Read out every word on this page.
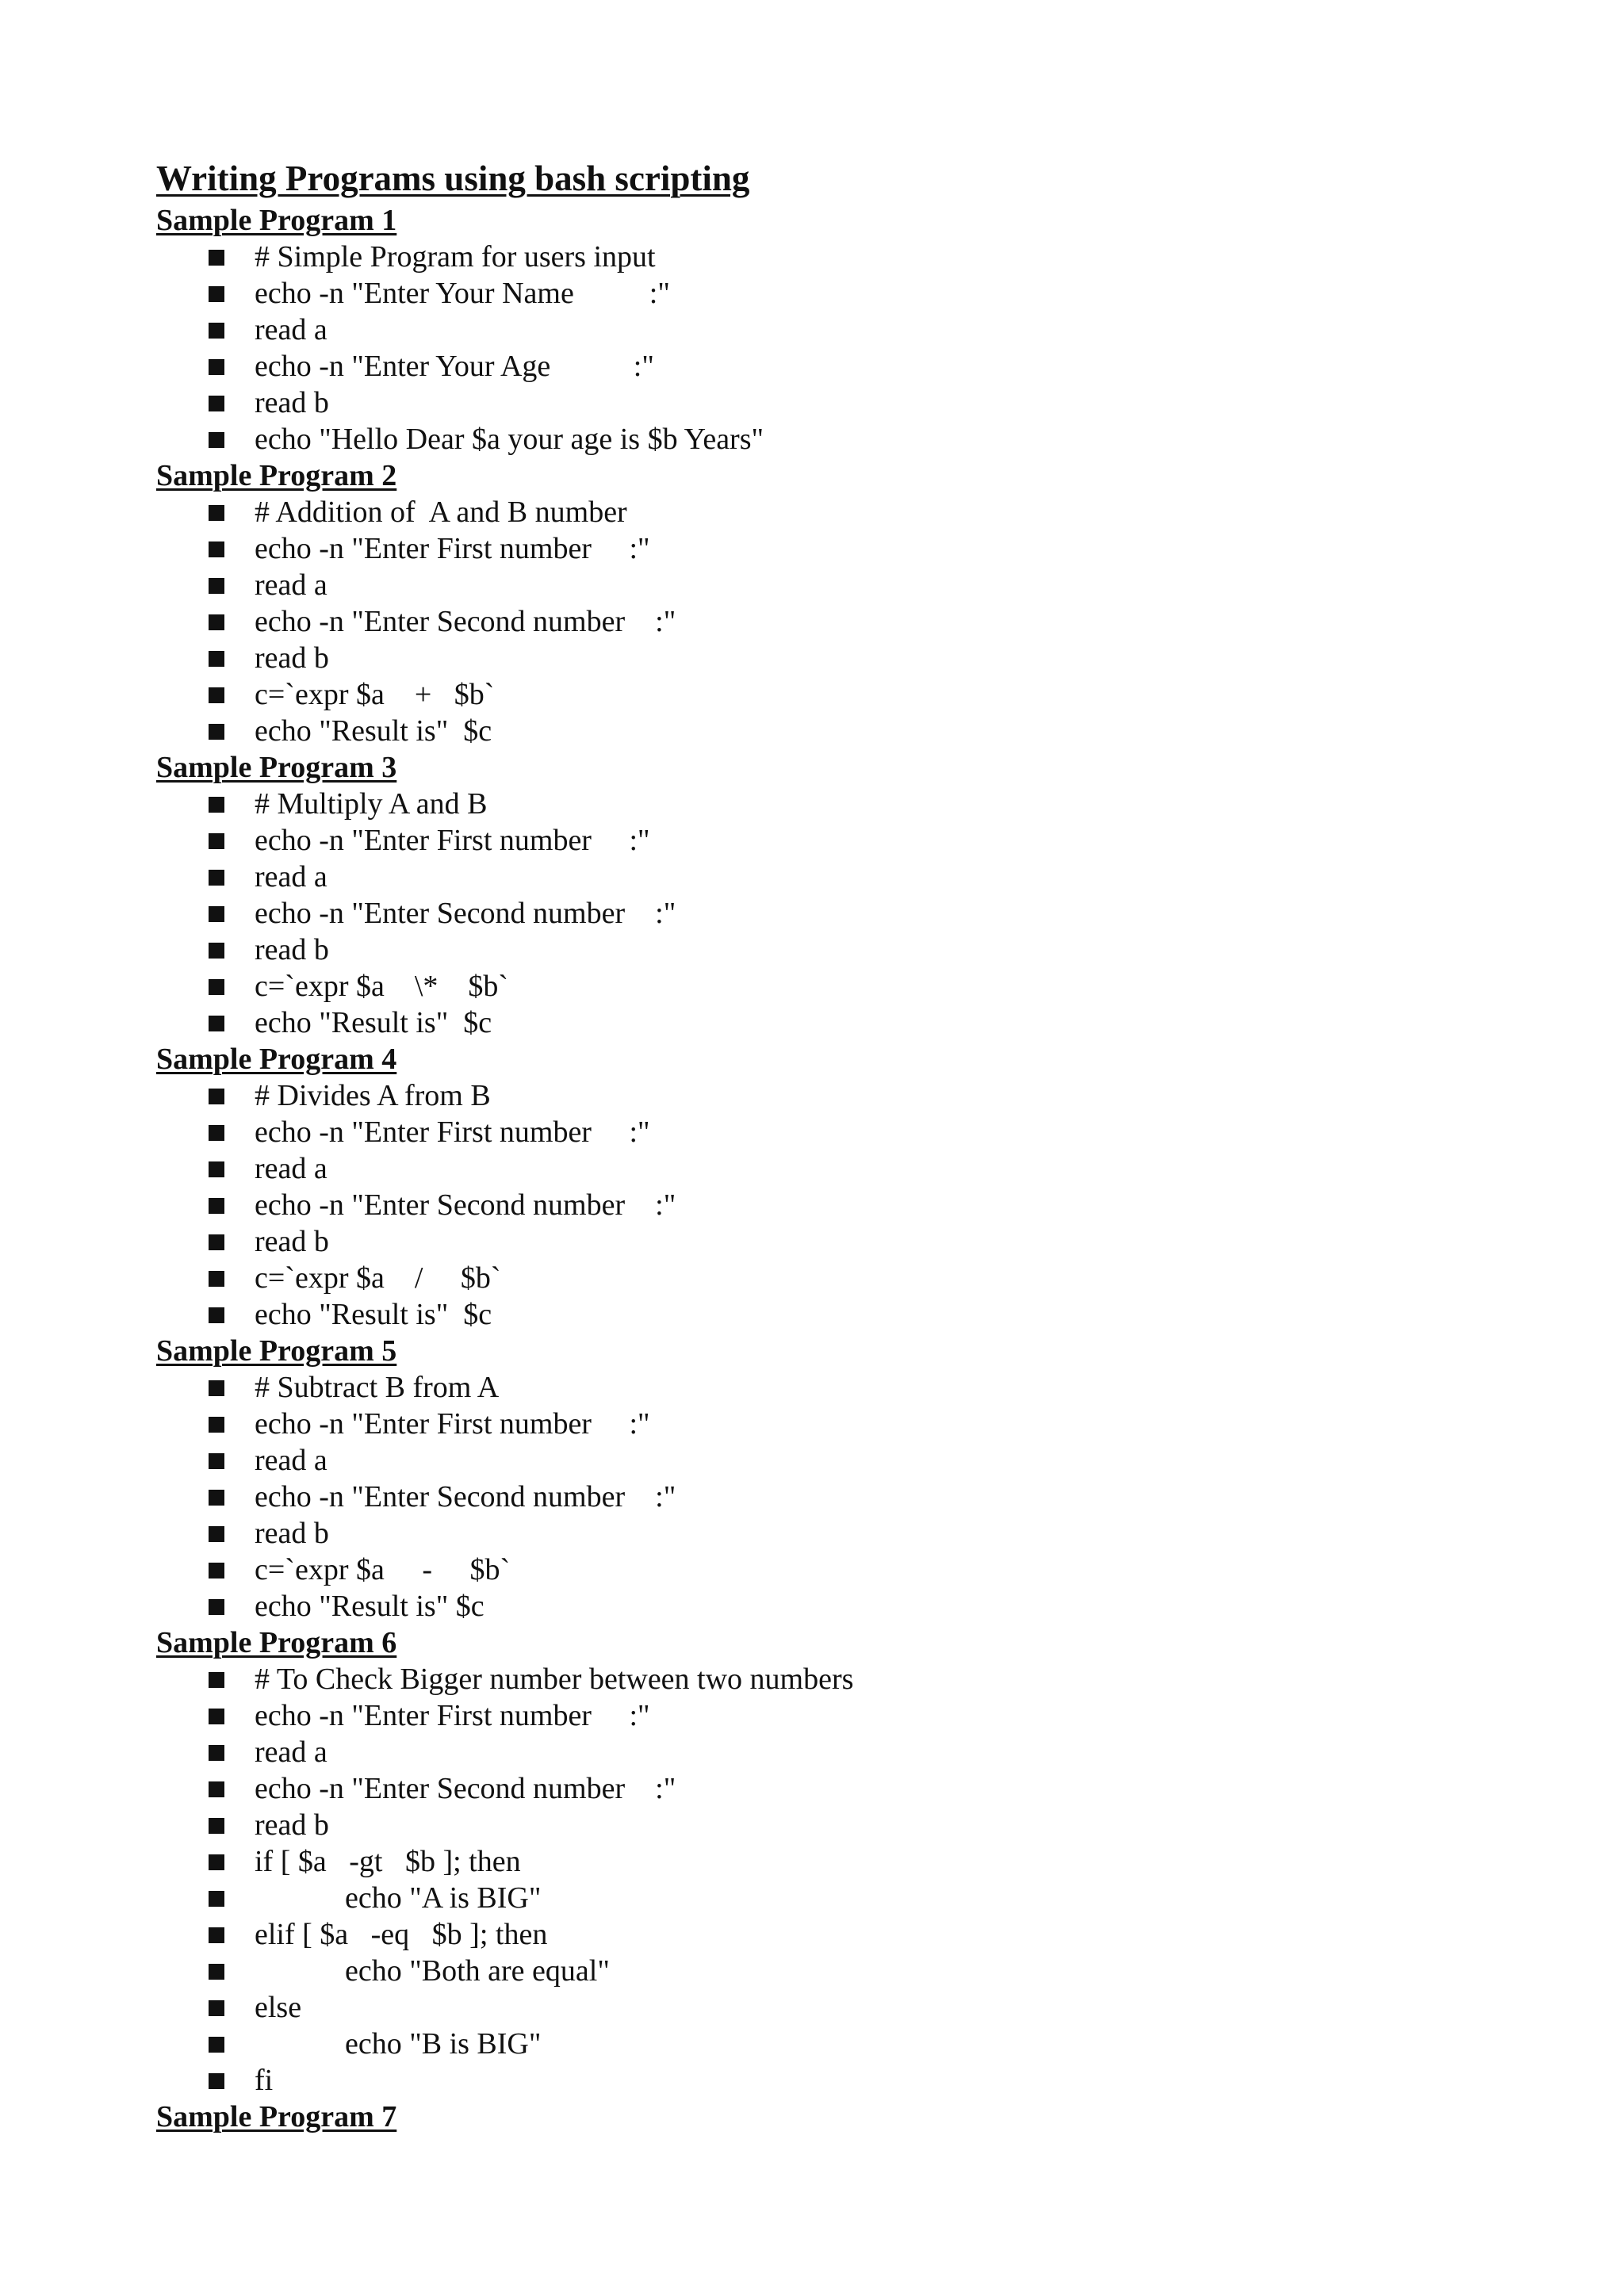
Writing Programs using bash scripting
Sample Program 1
# Simple Program for users input
echo -n "Enter Your Name          :"
read a
echo -n "Enter Your Age           :"
read b
echo "Hello Dear $a your age is $b Years"
Sample Program 2
# Addition of  A and B number
echo -n "Enter First number     :"
read a
echo -n "Enter Second number    :"
read b
c=`expr $a    +   $b`
echo "Result is"  $c
Sample Program 3
# Multiply A and B
echo -n "Enter First number     :"
read a
echo -n "Enter Second number    :"
read b
c=`expr $a    \*    $b`
echo "Result is"  $c
Sample Program 4
# Divides A from B
echo -n "Enter First number     :"
read a
echo -n "Enter Second number    :"
read b
c=`expr $a    /     $b`
echo "Result is"  $c
Sample Program 5
# Subtract B from A
echo -n "Enter First number     :"
read a
echo -n "Enter Second number    :"
read b
c=`expr $a     -     $b`
echo "Result is" $c
Sample Program 6
# To Check Bigger number between two numbers
echo -n "Enter First number     :"
read a
echo -n "Enter Second number    :"
read b
if [ $a   -gt   $b ]; then
echo "A is BIG"
elif [ $a   -eq   $b ]; then
echo "Both are equal"
else
echo "B is BIG"
fi
Sample Program 7
